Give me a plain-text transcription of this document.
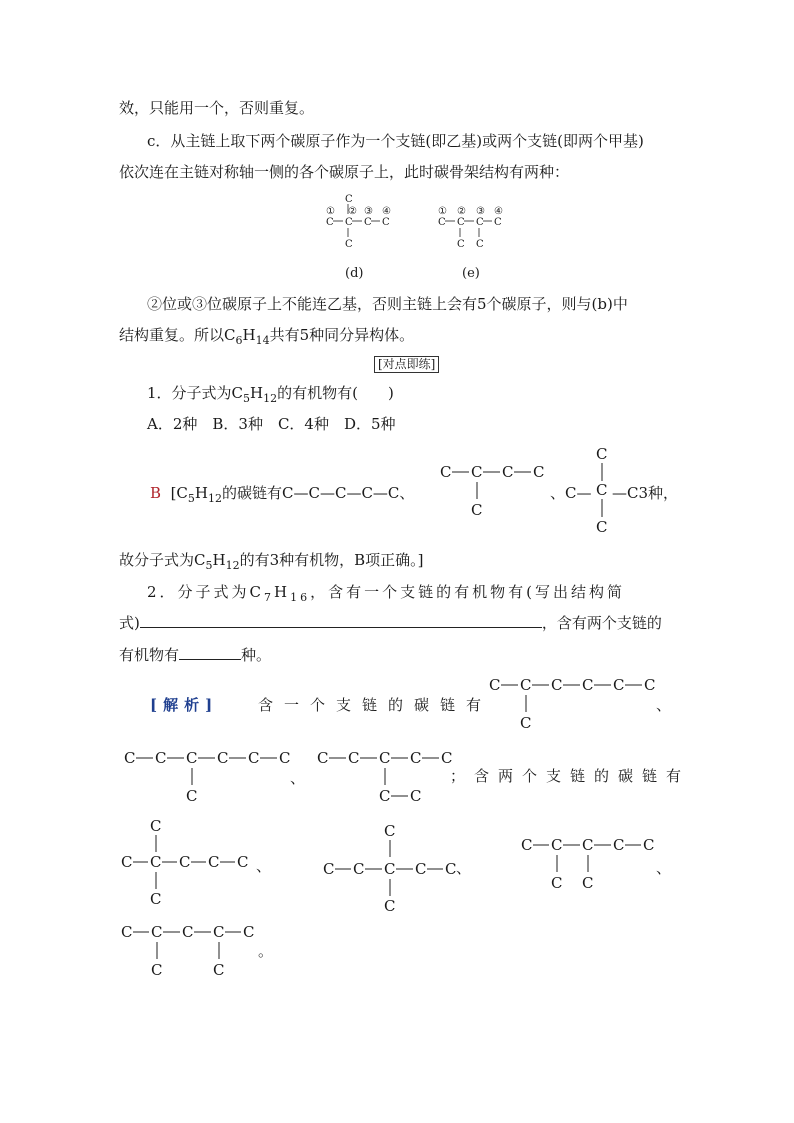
效，只能用一个，否则重复。
c．从主链上取下两个碳原子作为一个支链(即乙基)或两个支链(即两个甲基)
依次连在主链对称轴一侧的各个碳原子上，此时碳骨架结构有两种：
C
① ② ③ ④
C C C C
C
① ② ③ ④
C C C C
C C
(d)	(e)
②位或③位碳原子上不能连乙基，否则主链上会有5个碳原子，则与(b)中
结构重复。所以$C_6H_{14}$共有5种同分异构体。
[对点即练]
1．分子式为$C_5H_{12}$的有机物有(　　)
A．2种　B．3种　C．4种　D．5种
B [$C_5H_{12}$的碳链有C—C—C—C—C、
C C C C
C
、C—
C
C
C
—C3种，
故分子式为$C_5H_{12}$的有3种有机物，B项正确。]
2．分子式为$C_7H_{16}$，含有一个支链的有机物有(写出结构简
式)	，含有两个支链的
有机物有	种。
[解析]	含一个支链的碳链有
C C C C C C
C
、
C C C C C C
C
、
C C C C C
C C
；含两个支链的碳链有
C
C C C C C
C
、
C
C C C C C
C
、
C C C C C
C C
、
C C C C C
C	C
。
